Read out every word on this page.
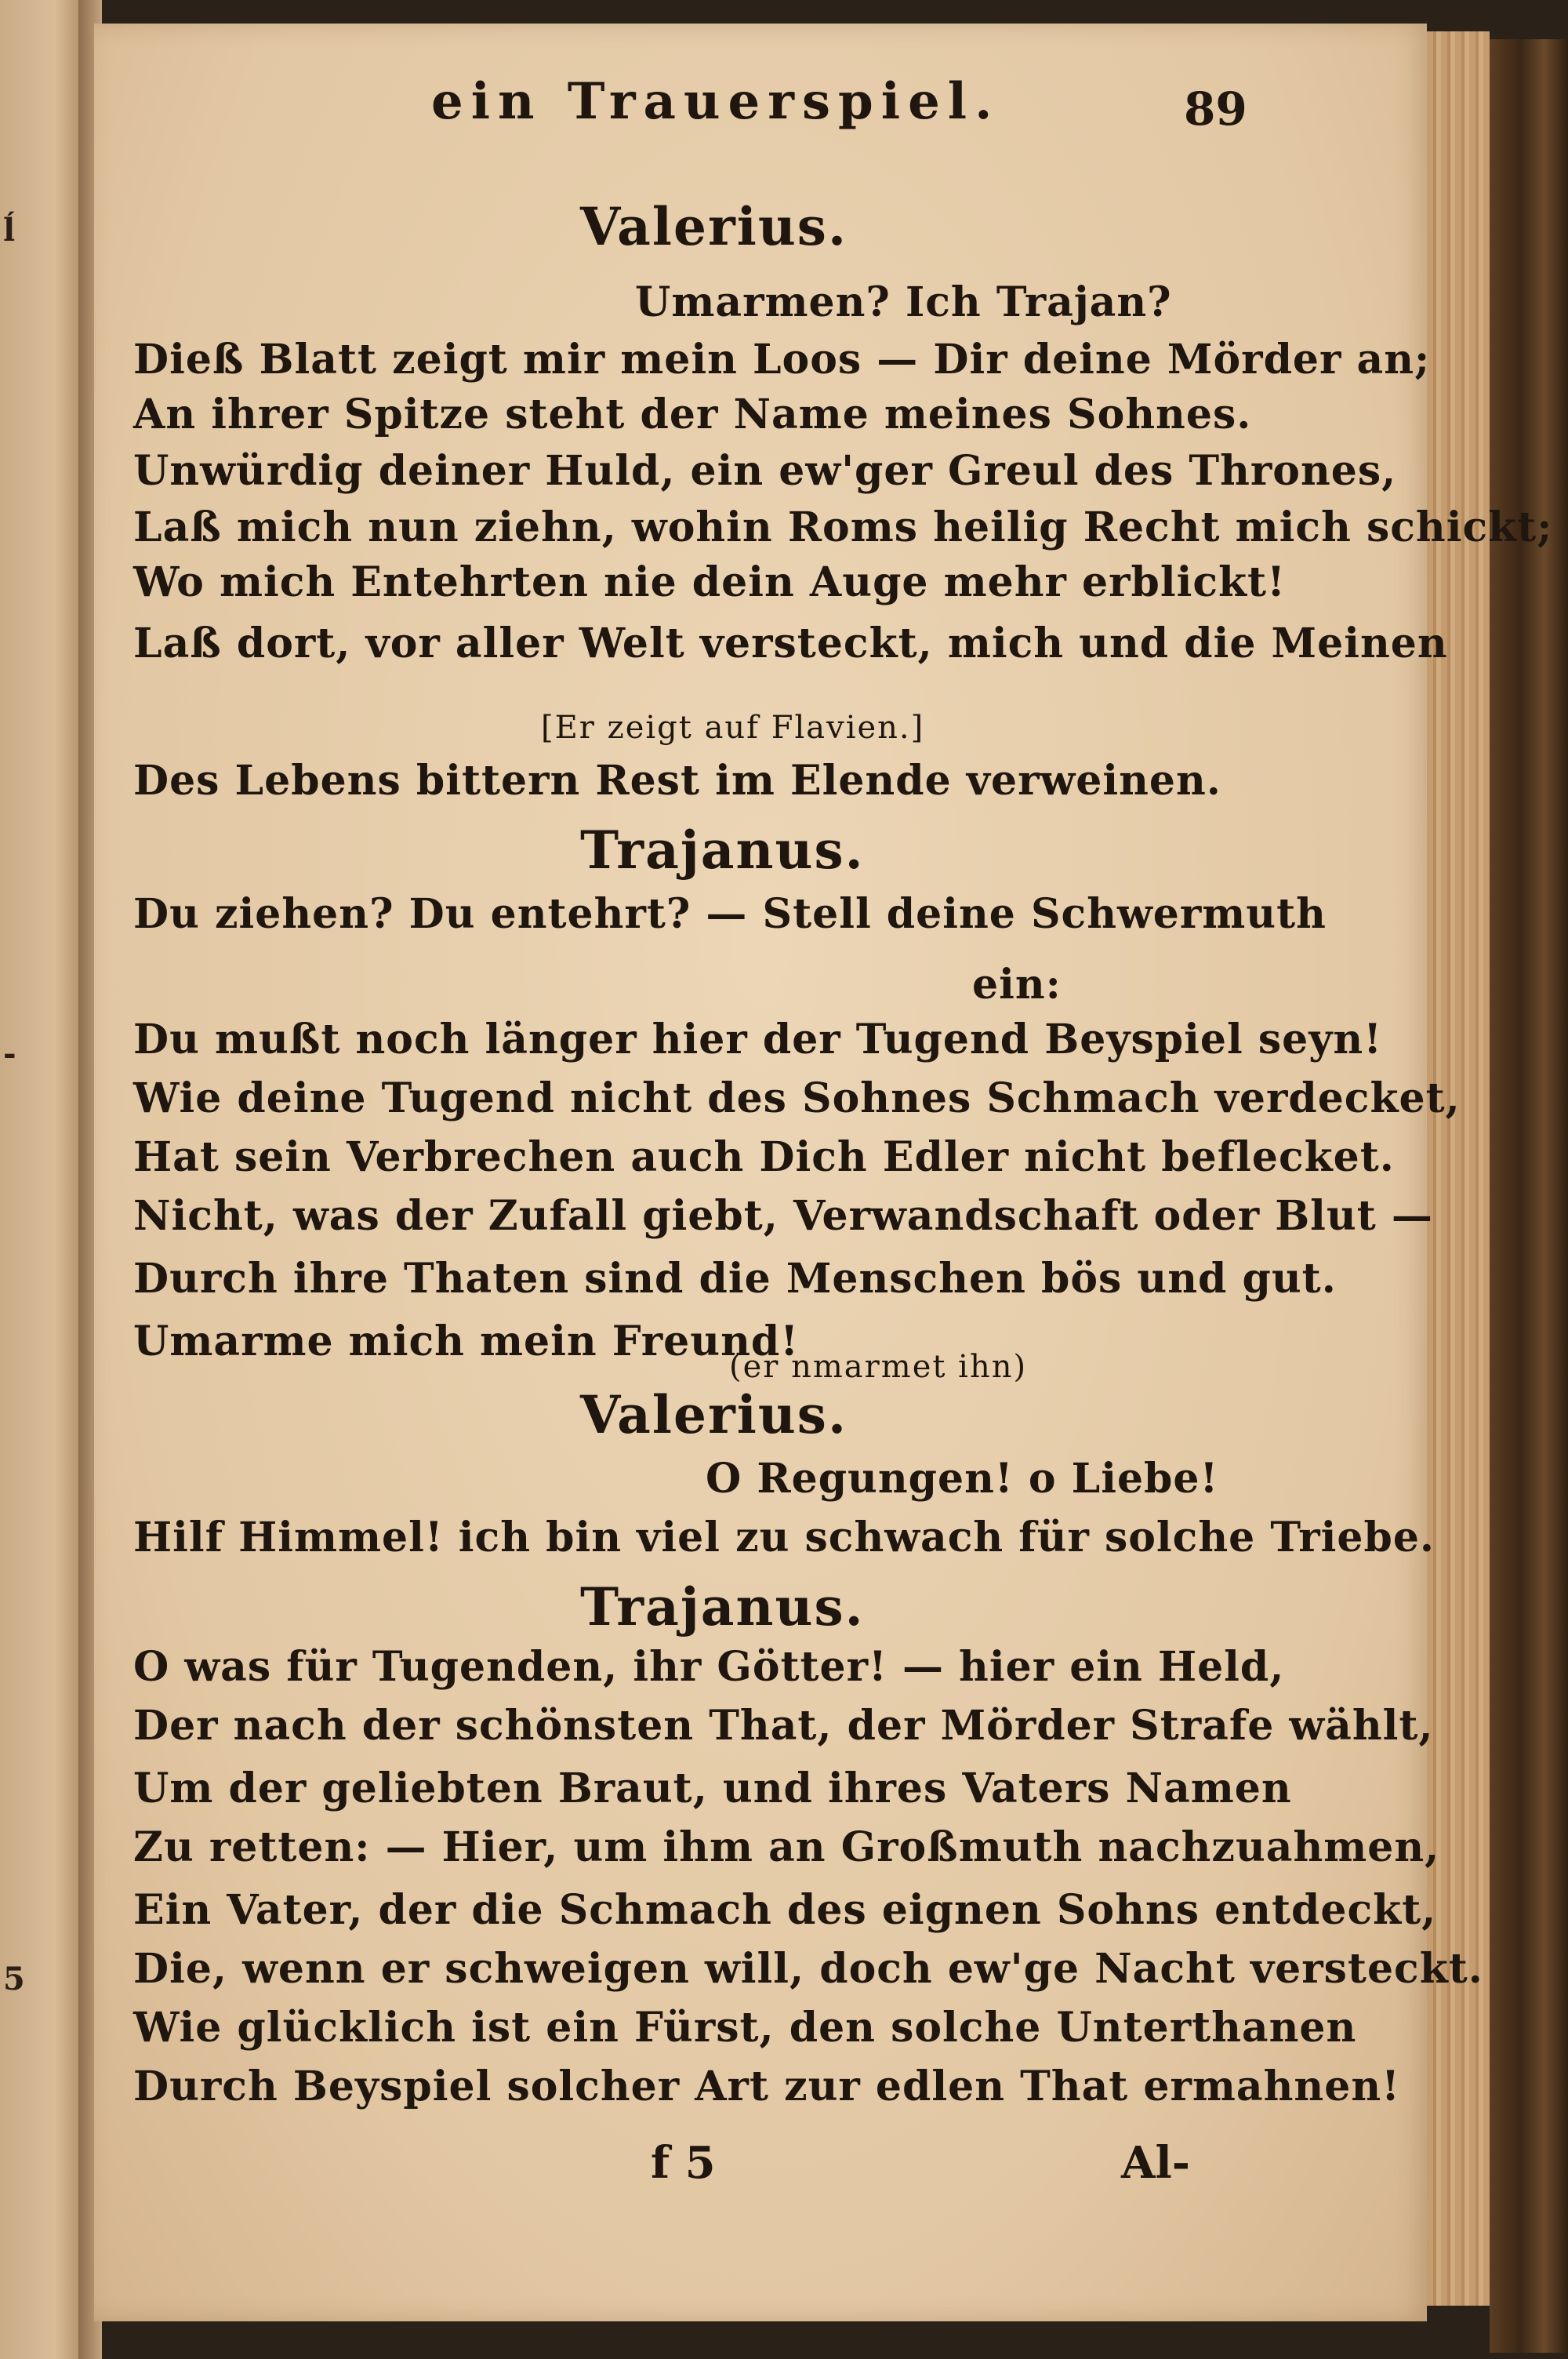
ĺ
-
5
ein Trauerspiel.	89
Valerius.
Umarmen? Ich Trajan?
Dieß Blatt zeigt mir mein Loos — Dir deine Mörder an;
An ihrer Spitze steht der Name meines Sohnes.
Unwürdig deiner Huld, ein ew'ger Greul des Thrones,
Laß mich nun ziehn, wohin Roms heilig Recht mich schickt;
Wo mich Entehrten nie dein Auge mehr erblickt!
Laß dort, vor aller Welt versteckt, mich und die Meinen
[Er zeigt auf Flavien.]
Des Lebens bittern Rest im Elende verweinen.
Trajanus.
Du ziehen? Du entehrt? — Stell deine Schwermuth
ein:
Du mußt noch länger hier der Tugend Beyspiel seyn!
Wie deine Tugend nicht des Sohnes Schmach verdecket,
Hat sein Verbrechen auch Dich Edler nicht beflecket.
Nicht, was der Zufall giebt, Verwandschaft oder Blut —
Durch ihre Thaten sind die Menschen bös und gut.
Umarme mich mein Freund!
(er nmarmet ihn)
Valerius.
O Regungen! o Liebe!
Hilf Himmel! ich bin viel zu schwach für solche Triebe.
Trajanus.
O was für Tugenden, ihr Götter! — hier ein Held,
Der nach der schönsten That, der Mörder Strafe wählt,
Um der geliebten Braut, und ihres Vaters Namen
Zu retten: — Hier, um ihm an Großmuth nachzuahmen,
Ein Vater, der die Schmach des eignen Sohns entdeckt,
Die, wenn er schweigen will, doch ew'ge Nacht versteckt.
Wie glücklich ist ein Fürst, den solche Unterthanen
Durch Beyspiel solcher Art zur edlen That ermahnen!
f 5	Al-
